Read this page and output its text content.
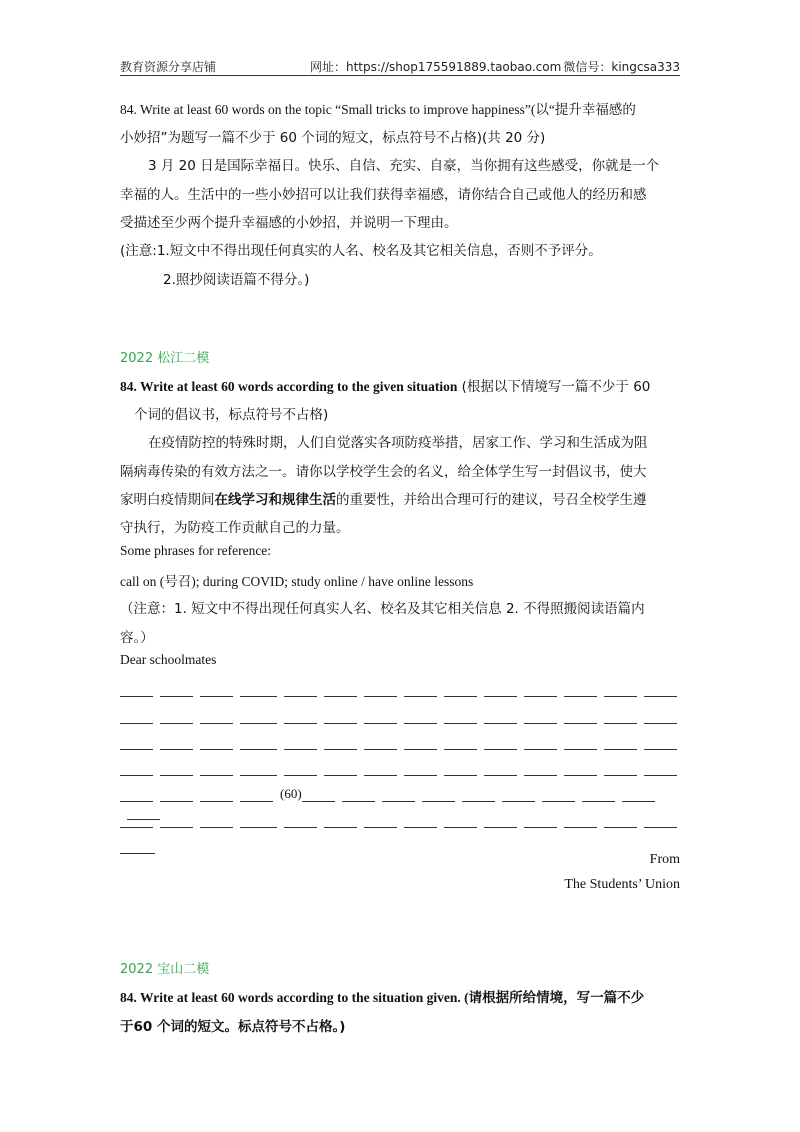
教育资源分享店铺	网址：https://shop175591889.taobao.com 微信号：kingcsa333
84. Write at least 60 words on the topic “Small tricks to improve happiness”(以“提升幸福感的
小妙招”为题写一篇不少于 60 个词的短文，标点符号不占格)(共 20 分)
3 月 20 日是国际幸福日。快乐、自信、充实、自豪，当你拥有这些感受，你就是一个
幸福的人。生活中的一些小妙招可以让我们获得幸福感，请你结合自己或他人的经历和感
受描述至少两个提升幸福感的小妙招，并说明一下理由。
(注意:1.短文中不得出现任何真实的人名、校名及其它相关信息，否则不予评分。
2.照抄阅读语篇不得分。)
2022 松江二模
84. Write at least 60 words according to the given situation (根据以下情境写一篇不少于 60
个词的倡议书，标点符号不占格)
在疫情防控的特殊时期，人们自觉落实各项防疫举措，居家工作、学习和生活成为阻
隔病毒传染的有效方法之一。请你以学校学生会的名义，给全体学生写一封倡议书，使大
家明白疫情期间在线学习和规律生活的重要性，并给出合理可行的建议，号召全校学生遵
守执行，为防疫工作贡献自己的力量。
Some phrases for reference:
call on (号召); during COVID; study online / have online lessons
（注意：1. 短文中不得出现任何真实人名、校名及其它相关信息 2. 不得照搬阅读语篇内
容。）
Dear schoolmates
(60)
From
The Students’ Union
2022 宝山二模
84. Write at least 60 words according to the situation given. (请根据所给情境，写一篇不少
于60 个词的短文。标点符号不占格。)
